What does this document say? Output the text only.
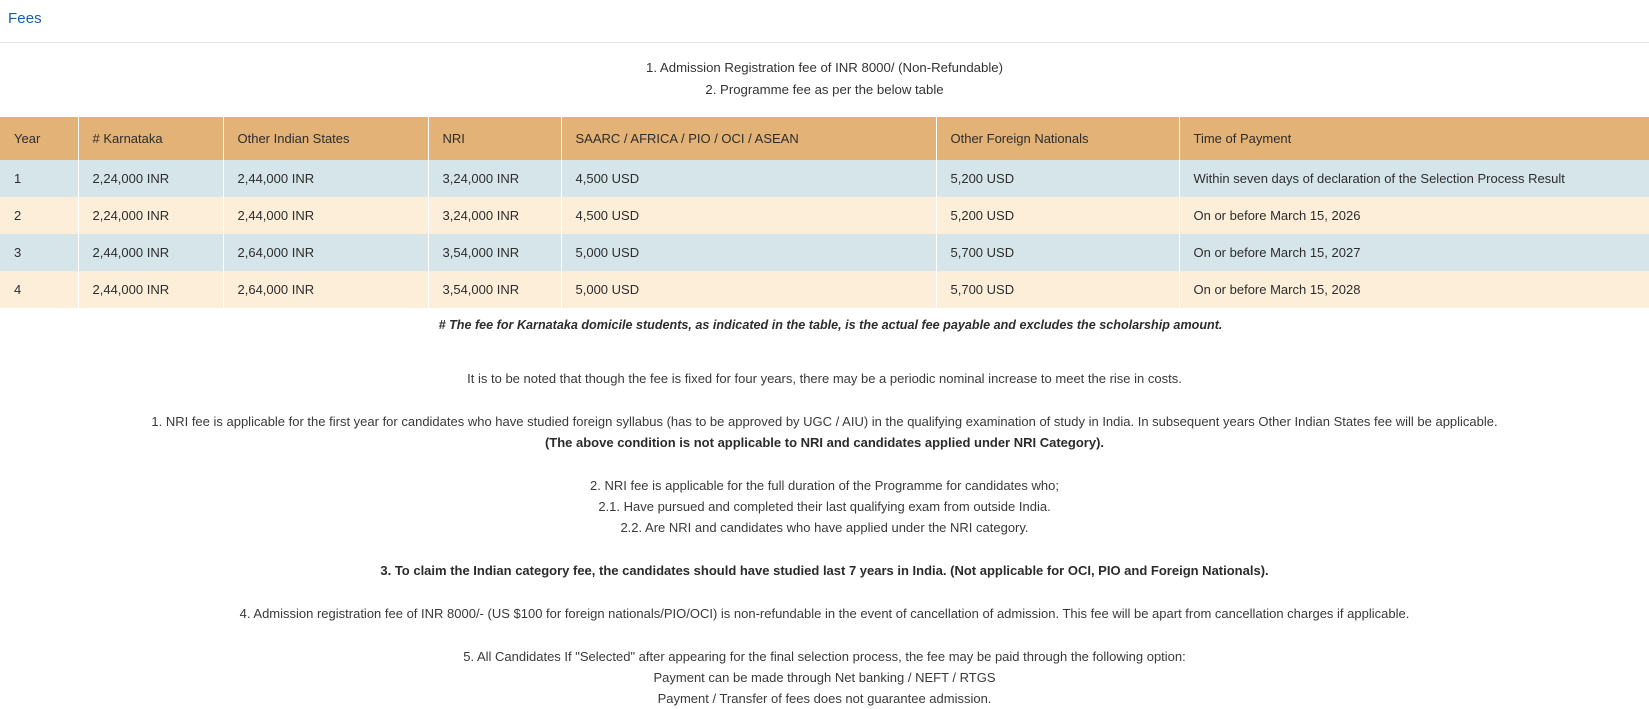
Fees

1. Admission Registration fee of INR 8000/ (Non-Refundable)

2. Programme fee as per the below table

Year	# Karnataka	Other Indian States	NRI	SAARC / AFRICA / PIO / OCI / ASEAN	Other Foreign Nationals	Time of Payment
1	2,24,000 INR	2,44,000 INR	3,24,000 INR	4,500 USD	5,200 USD	Within seven days of declaration of the Selection Process Result
2	2,24,000 INR	2,44,000 INR	3,24,000 INR	4,500 USD	5,200 USD	On or before March 15, 2026
3	2,44,000 INR	2,64,000 INR	3,54,000 INR	5,000 USD	5,700 USD	On or before March 15, 2027
4	2,44,000 INR	2,64,000 INR	3,54,000 INR	5,000 USD	5,700 USD	On or before March 15, 2028

# The fee for Karnataka domicile students, as indicated in the table, is the actual fee payable and excludes the scholarship amount.

It is to be noted that though the fee is fixed for four years, there may be a periodic nominal increase to meet the rise in costs.

1. NRI fee is applicable for the first year for candidates who have studied foreign syllabus (has to be approved by UGC / AIU) in the qualifying examination of study in India. In subsequent years Other Indian States fee will be applicable.

(The above condition is not applicable to NRI and candidates applied under NRI Category).

2. NRI fee is applicable for the full duration of the Programme for candidates who;

2.1. Have pursued and completed their last qualifying exam from outside India.

2.2. Are NRI and candidates who have applied under the NRI category.

3. To claim the Indian category fee, the candidates should have studied last 7 years in India. (Not applicable for OCI, PIO and Foreign Nationals).

4. Admission registration fee of INR 8000/- (US $100 for foreign nationals/PIO/OCI) is non-refundable in the event of cancellation of admission. This fee will be apart from cancellation charges if applicable.

5. All Candidates If "Selected" after appearing for the final selection process, the fee may be paid through the following option:

Payment can be made through Net banking / NEFT / RTGS

Payment / Transfer of fees does not guarantee admission.
